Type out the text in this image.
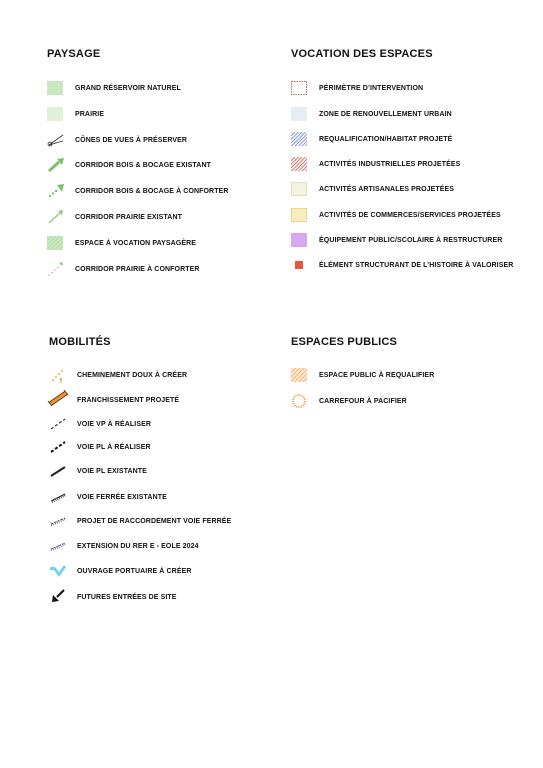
PAYSAGE
GRAND RÉSERVOIR NATUREL
PRAIRIE
CÔNES DE VUES À PRÉSERVER
CORRIDOR BOIS & BOCAGE EXISTANT
CORRIDOR BOIS & BOCAGE À CONFORTER
CORRIDOR PRAIRIE EXISTANT
ESPACE À VOCATION PAYSAGÈRE
CORRIDOR PRAIRIE À CONFORTER
VOCATION DES ESPACES
PÉRIMÈTRE D’INTERVENTION
ZONE DE RENOUVELLEMENT URBAIN
REQUALIFICATION/HABITAT PROJETÉ
ACTIVITÉS INDUSTRIELLES PROJETÉES
ACTIVITÉS ARTISANALES PROJETÉES
ACTIVITÉS DE COMMERCES/SERVICES PROJETÉES
ÉQUIPEMENT PUBLIC/SCOLAIRE À RESTRUCTURER
ÉLÉMENT STRUCTURANT DE L’HISTOIRE À VALORISER
MOBILITÉS
CHEMINEMENT DOUX À CRÉER
FRANCHISSEMENT PROJETÉ
VOIE VP À RÉALISER
VOIE PL À RÉALISER
VOIE PL EXISTANTE
VOIE FERRÉE EXISTANTE
PROJET DE RACCORDEMENT VOIE FERRÉE
EXTENSION DU RER E - EOLE 2024
OUVRAGE PORTUAIRE À CRÉER
FUTURES ENTRÉES DE SITE
ESPACES PUBLICS
ESPACE PUBLIC À REQUALIFIER
CARREFOUR À PACIFIER
